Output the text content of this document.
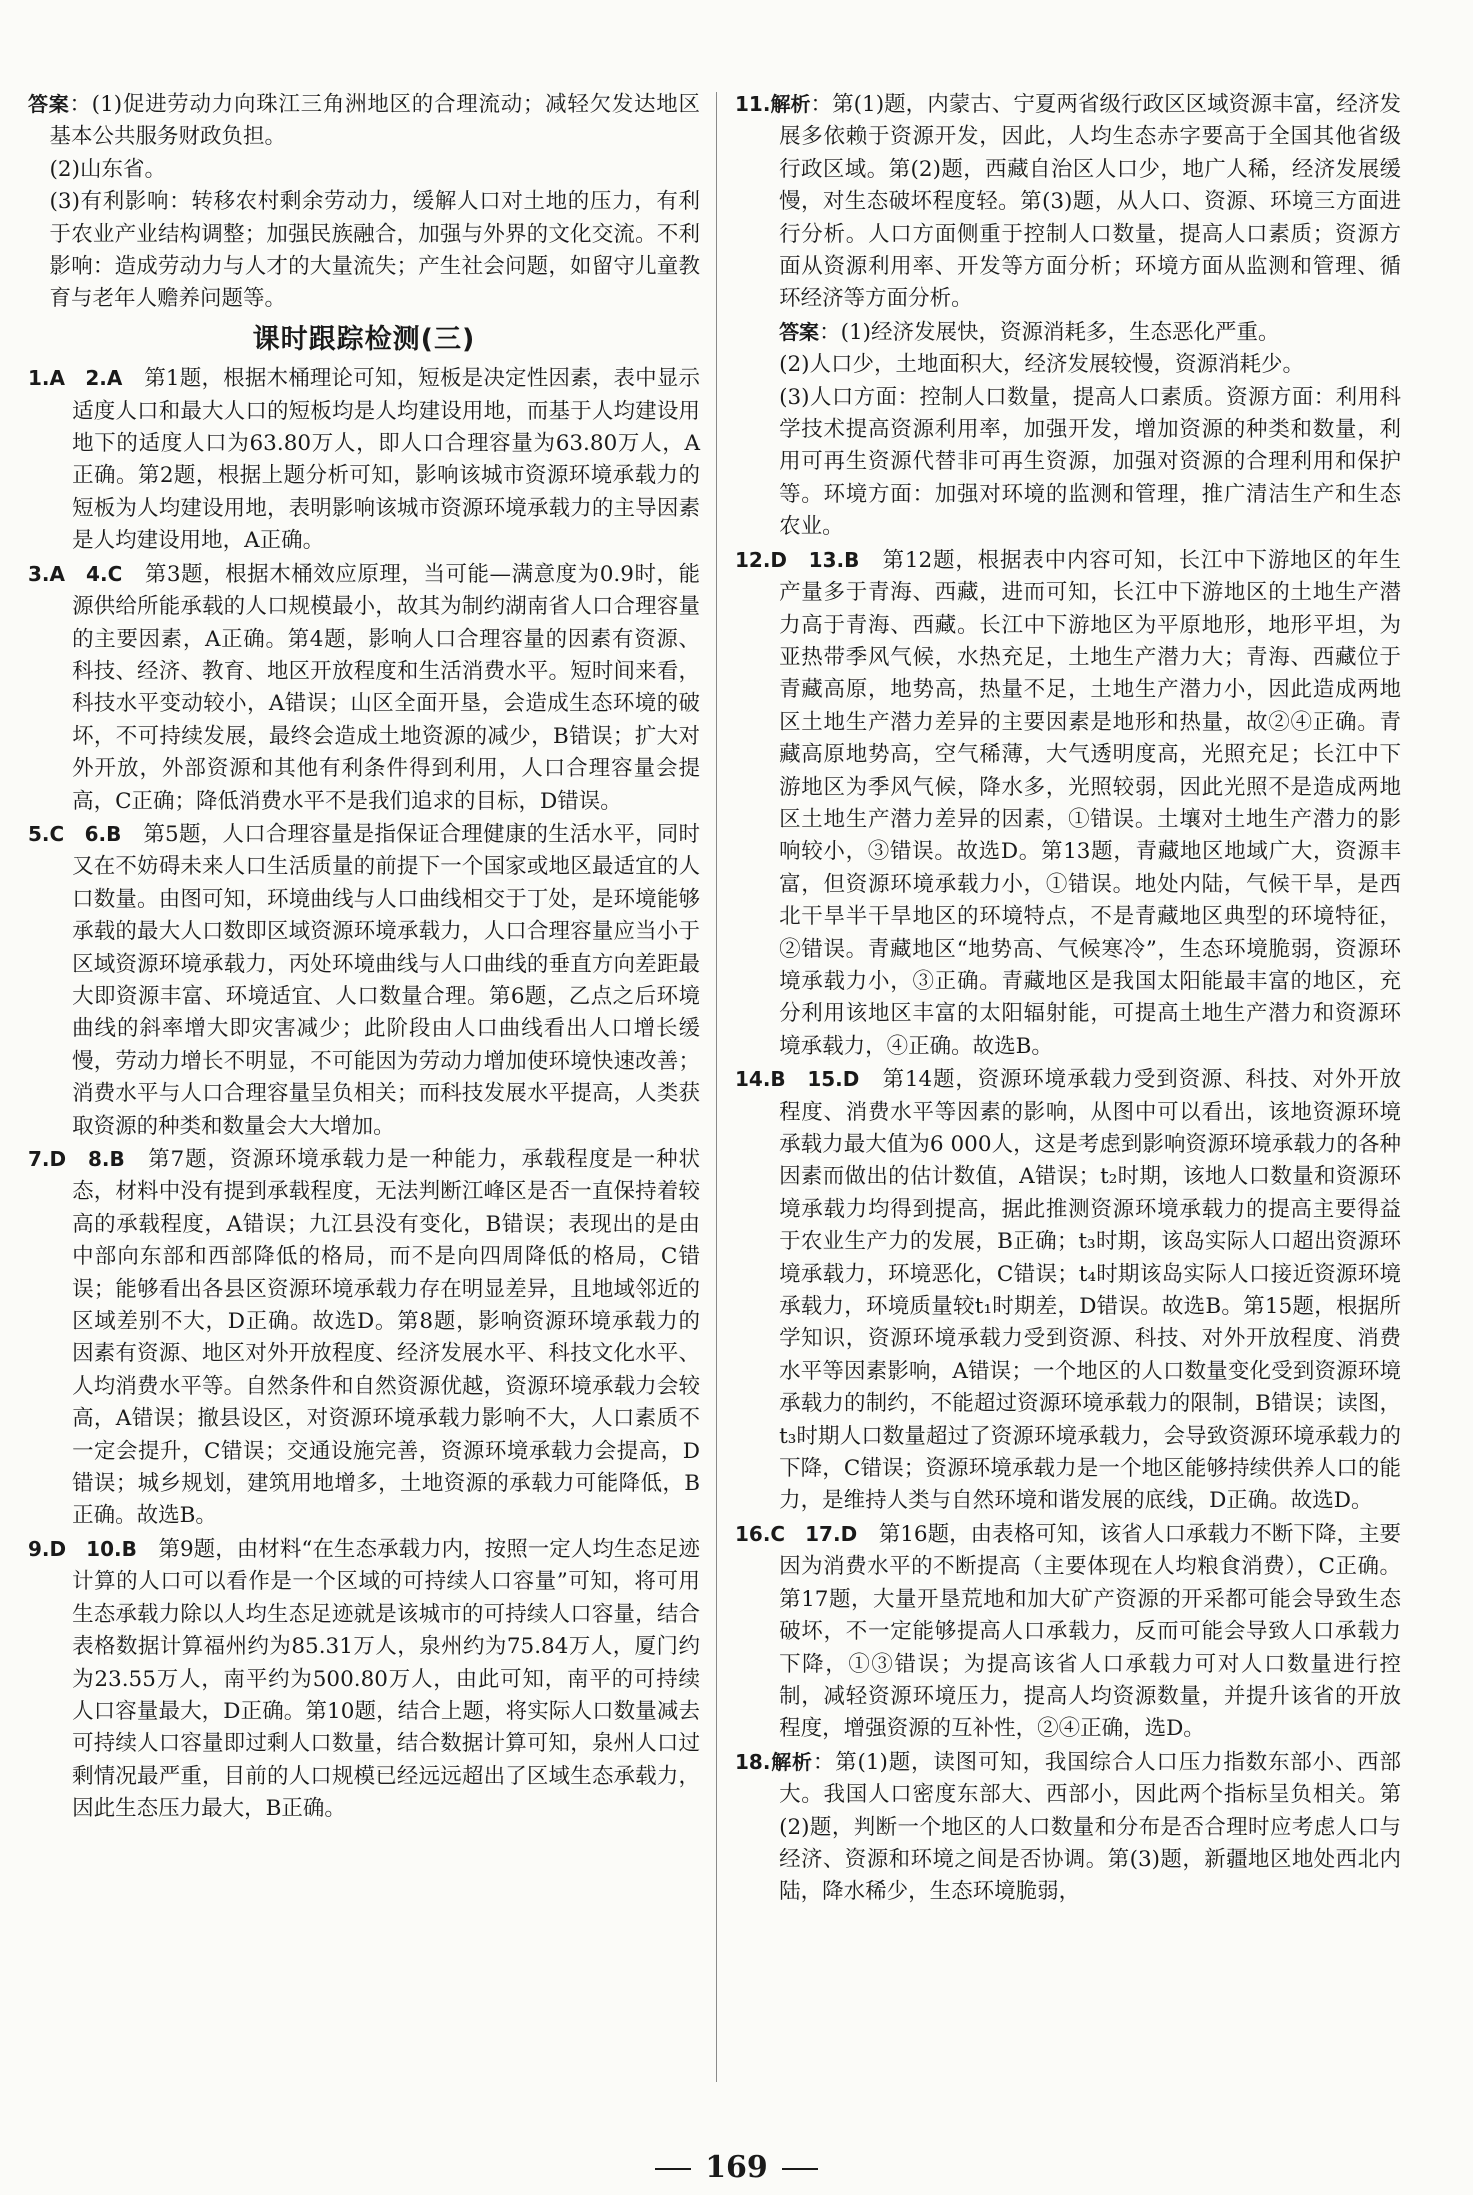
答案：(1)促进劳动力向珠江三角洲地区的合理流动；减轻欠发达地区基本公共服务财政负担。

(2)山东省。

(3)有利影响：转移农村剩余劳动力，缓解人口对土地的压力，有利于农业产业结构调整；加强民族融合，加强与外界的文化交流。不利影响：造成劳动力与人才的大量流失；产生社会问题，如留守儿童教育与老年人赡养问题等。

课时跟踪检测(三)

1.A　2.A　第1题，根据木桶理论可知，短板是决定性因素，表中显示适度人口和最大人口的短板均是人均建设用地，而基于人均建设用地下的适度人口为63.80万人，即人口合理容量为63.80万人，A正确。第2题，根据上题分析可知，影响该城市资源环境承载力的短板为人均建设用地，表明影响该城市资源环境承载力的主导因素是人均建设用地，A正确。

3.A　4.C　第3题，根据木桶效应原理，当可能—满意度为0.9时，能源供给所能承载的人口规模最小，故其为制约湖南省人口合理容量的主要因素，A正确。第4题，影响人口合理容量的因素有资源、科技、经济、教育、地区开放程度和生活消费水平。短时间来看，科技水平变动较小，A错误；山区全面开垦，会造成生态环境的破坏，不可持续发展，最终会造成土地资源的减少，B错误；扩大对外开放，外部资源和其他有利条件得到利用，人口合理容量会提高，C正确；降低消费水平不是我们追求的目标，D错误。

5.C　6.B　第5题，人口合理容量是指保证合理健康的生活水平，同时又在不妨碍未来人口生活质量的前提下一个国家或地区最适宜的人口数量。由图可知，环境曲线与人口曲线相交于丁处，是环境能够承载的最大人口数即区域资源环境承载力，人口合理容量应当小于区域资源环境承载力，丙处环境曲线与人口曲线的垂直方向差距最大即资源丰富、环境适宜、人口数量合理。第6题，乙点之后环境曲线的斜率增大即灾害减少；此阶段由人口曲线看出人口增长缓慢，劳动力增长不明显，不可能因为劳动力增加使环境快速改善；消费水平与人口合理容量呈负相关；而科技发展水平提高，人类获取资源的种类和数量会大大增加。

7.D　8.B　第7题，资源环境承载力是一种能力，承载程度是一种状态，材料中没有提到承载程度，无法判断江峰区是否一直保持着较高的承载程度，A错误；九江县没有变化，B错误；表现出的是由中部向东部和西部降低的格局，而不是向四周降低的格局，C错误；能够看出各县区资源环境承载力存在明显差异，且地域邻近的区域差别不大，D正确。故选D。第8题，影响资源环境承载力的因素有资源、地区对外开放程度、经济发展水平、科技文化水平、人均消费水平等。自然条件和自然资源优越，资源环境承载力会较高，A错误；撤县设区，对资源环境承载力影响不大，人口素质不一定会提升，C错误；交通设施完善，资源环境承载力会提高，D错误；城乡规划，建筑用地增多，土地资源的承载力可能降低，B正确。故选B。

9.D　10.B　第9题，由材料“在生态承载力内，按照一定人均生态足迹计算的人口可以看作是一个区域的可持续人口容量”可知，将可用生态承载力除以人均生态足迹就是该城市的可持续人口容量，结合表格数据计算福州约为85.31万人，泉州约为75.84万人，厦门约为23.55万人，南平约为500.80万人，由此可知，南平的可持续人口容量最大，D正确。第10题，结合上题，将实际人口数量减去可持续人口容量即过剩人口数量，结合数据计算可知，泉州人口过剩情况最严重，目前的人口规模已经远远超出了区域生态承载力，因此生态压力最大，B正确。

11.解析：第(1)题，内蒙古、宁夏两省级行政区区域资源丰富，经济发展多依赖于资源开发，因此，人均生态赤字要高于全国其他省级行政区域。第(2)题，西藏自治区人口少，地广人稀，经济发展缓慢，对生态破坏程度轻。第(3)题，从人口、资源、环境三方面进行分析。人口方面侧重于控制人口数量，提高人口素质；资源方面从资源利用率、开发等方面分析；环境方面从监测和管理、循环经济等方面分析。

答案：(1)经济发展快，资源消耗多，生态恶化严重。

(2)人口少，土地面积大，经济发展较慢，资源消耗少。

(3)人口方面：控制人口数量，提高人口素质。资源方面：利用科学技术提高资源利用率，加强开发，增加资源的种类和数量，利用可再生资源代替非可再生资源，加强对资源的合理利用和保护等。环境方面：加强对环境的监测和管理，推广清洁生产和生态农业。

12.D　13.B　第12题，根据表中内容可知，长江中下游地区的年生产量多于青海、西藏，进而可知，长江中下游地区的土地生产潜力高于青海、西藏。长江中下游地区为平原地形，地形平坦，为亚热带季风气候，水热充足，土地生产潜力大；青海、西藏位于青藏高原，地势高，热量不足，土地生产潜力小，因此造成两地区土地生产潜力差异的主要因素是地形和热量，故②④正确。青藏高原地势高，空气稀薄，大气透明度高，光照充足；长江中下游地区为季风气候，降水多，光照较弱，因此光照不是造成两地区土地生产潜力差异的因素，①错误。土壤对土地生产潜力的影响较小，③错误。故选D。第13题，青藏地区地域广大，资源丰富，但资源环境承载力小，①错误。地处内陆，气候干旱，是西北干旱半干旱地区的环境特点，不是青藏地区典型的环境特征，②错误。青藏地区“地势高、气候寒冷”，生态环境脆弱，资源环境承载力小，③正确。青藏地区是我国太阳能最丰富的地区，充分利用该地区丰富的太阳辐射能，可提高土地生产潜力和资源环境承载力，④正确。故选B。

14.B　15.D　第14题，资源环境承载力受到资源、科技、对外开放程度、消费水平等因素的影响，从图中可以看出，该地资源环境承载力最大值为6 000人，这是考虑到影响资源环境承载力的各种因素而做出的估计数值，A错误；t₂时期，该地人口数量和资源环境承载力均得到提高，据此推测资源环境承载力的提高主要得益于农业生产力的发展，B正确；t₃时期，该岛实际人口超出资源环境承载力，环境恶化，C错误；t₄时期该岛实际人口接近资源环境承载力，环境质量较t₁时期差，D错误。故选B。第15题，根据所学知识，资源环境承载力受到资源、科技、对外开放程度、消费水平等因素影响，A错误；一个地区的人口数量变化受到资源环境承载力的制约，不能超过资源环境承载力的限制，B错误；读图，t₃时期人口数量超过了资源环境承载力，会导致资源环境承载力的下降，C错误；资源环境承载力是一个地区能够持续供养人口的能力，是维持人类与自然环境和谐发展的底线，D正确。故选D。

16.C　17.D　第16题，由表格可知，该省人口承载力不断下降，主要因为消费水平的不断提高（主要体现在人均粮食消费），C正确。第17题，大量开垦荒地和加大矿产资源的开采都可能会导致生态破坏，不一定能够提高人口承载力，反而可能会导致人口承载力下降，①③错误；为提高该省人口承载力可对人口数量进行控制，减轻资源环境压力，提高人均资源数量，并提升该省的开放程度，增强资源的互补性，②④正确，选D。

18.解析：第(1)题，读图可知，我国综合人口压力指数东部小、西部大。我国人口密度东部大、西部小，因此两个指标呈负相关。第(2)题，判断一个地区的人口数量和分布是否合理时应考虑人口与经济、资源和环境之间是否协调。第(3)题，新疆地区地处西北内陆，降水稀少，生态环境脆弱，

169
